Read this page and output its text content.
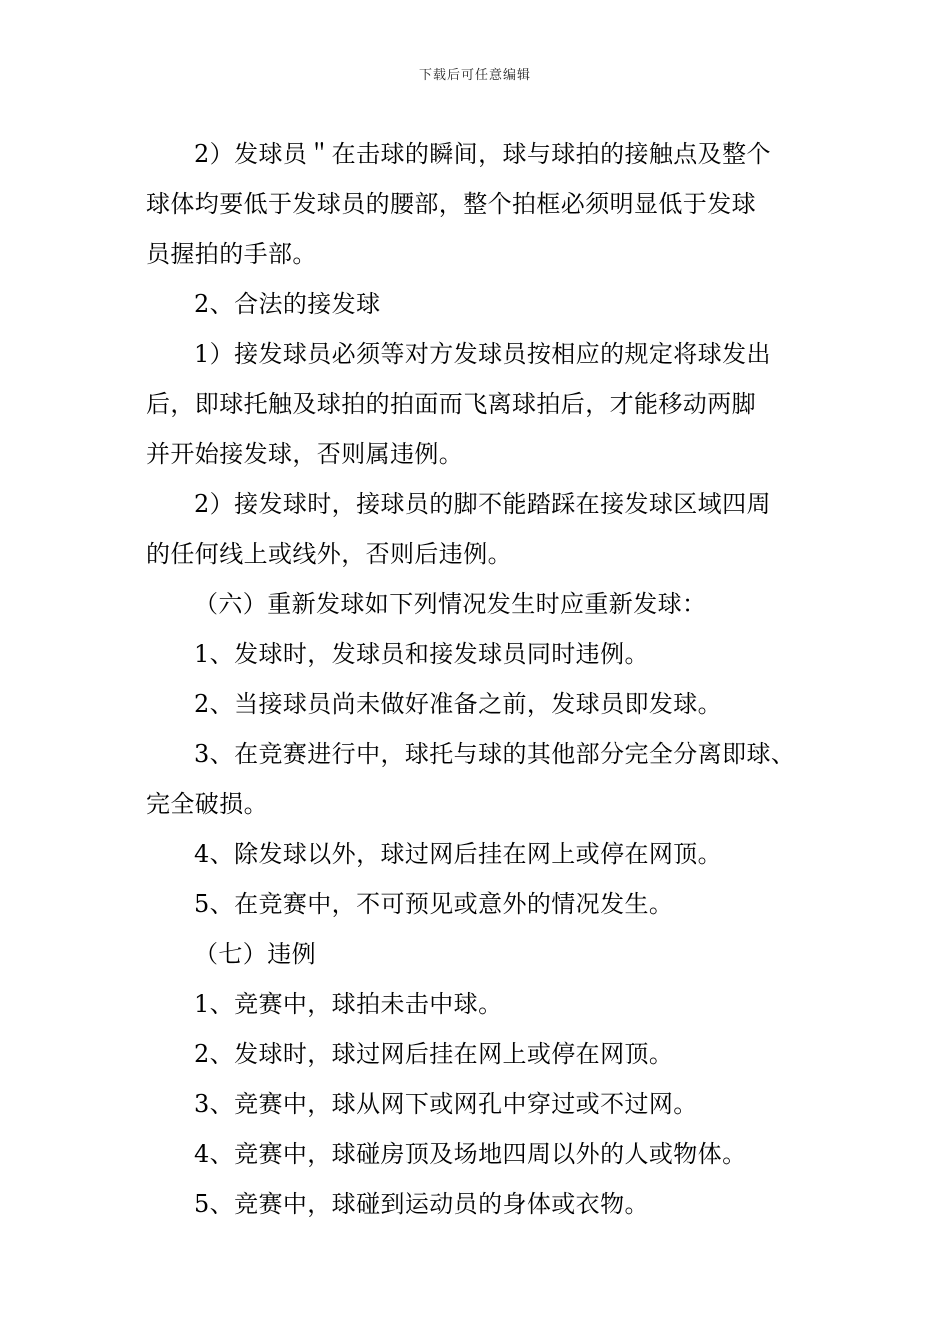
下载后可任意编辑
2）发球员＂在击球的瞬间，球与球拍的接触点及整个
球体均要低于发球员的腰部，整个拍框必须明显低于发球
员握拍的手部。
2、合法的接发球
1）接发球员必须等对方发球员按相应的规定将球发出
后，即球托触及球拍的拍面而飞离球拍后，才能移动两脚
并开始接发球，否则属违例。
2）接发球时，接球员的脚不能踏踩在接发球区域四周
的任何线上或线外，否则后违例。
（六）重新发球如下列情况发生时应重新发球：
1、发球时，发球员和接发球员同时违例。
2、当接球员尚未做好准备之前，发球员即发球。
3、在竞赛进行中，球托与球的其他部分完全分离即球、
完全破损。
4、除发球以外，球过网后挂在网上或停在网顶。
5、在竞赛中，不可预见或意外的情况发生。
（七）违例
1、竞赛中，球拍未击中球。
2、发球时，球过网后挂在网上或停在网顶。
3、竞赛中，球从网下或网孔中穿过或不过网。
4、竞赛中，球碰房顶及场地四周以外的人或物体。
5、竞赛中，球碰到运动员的身体或衣物。
